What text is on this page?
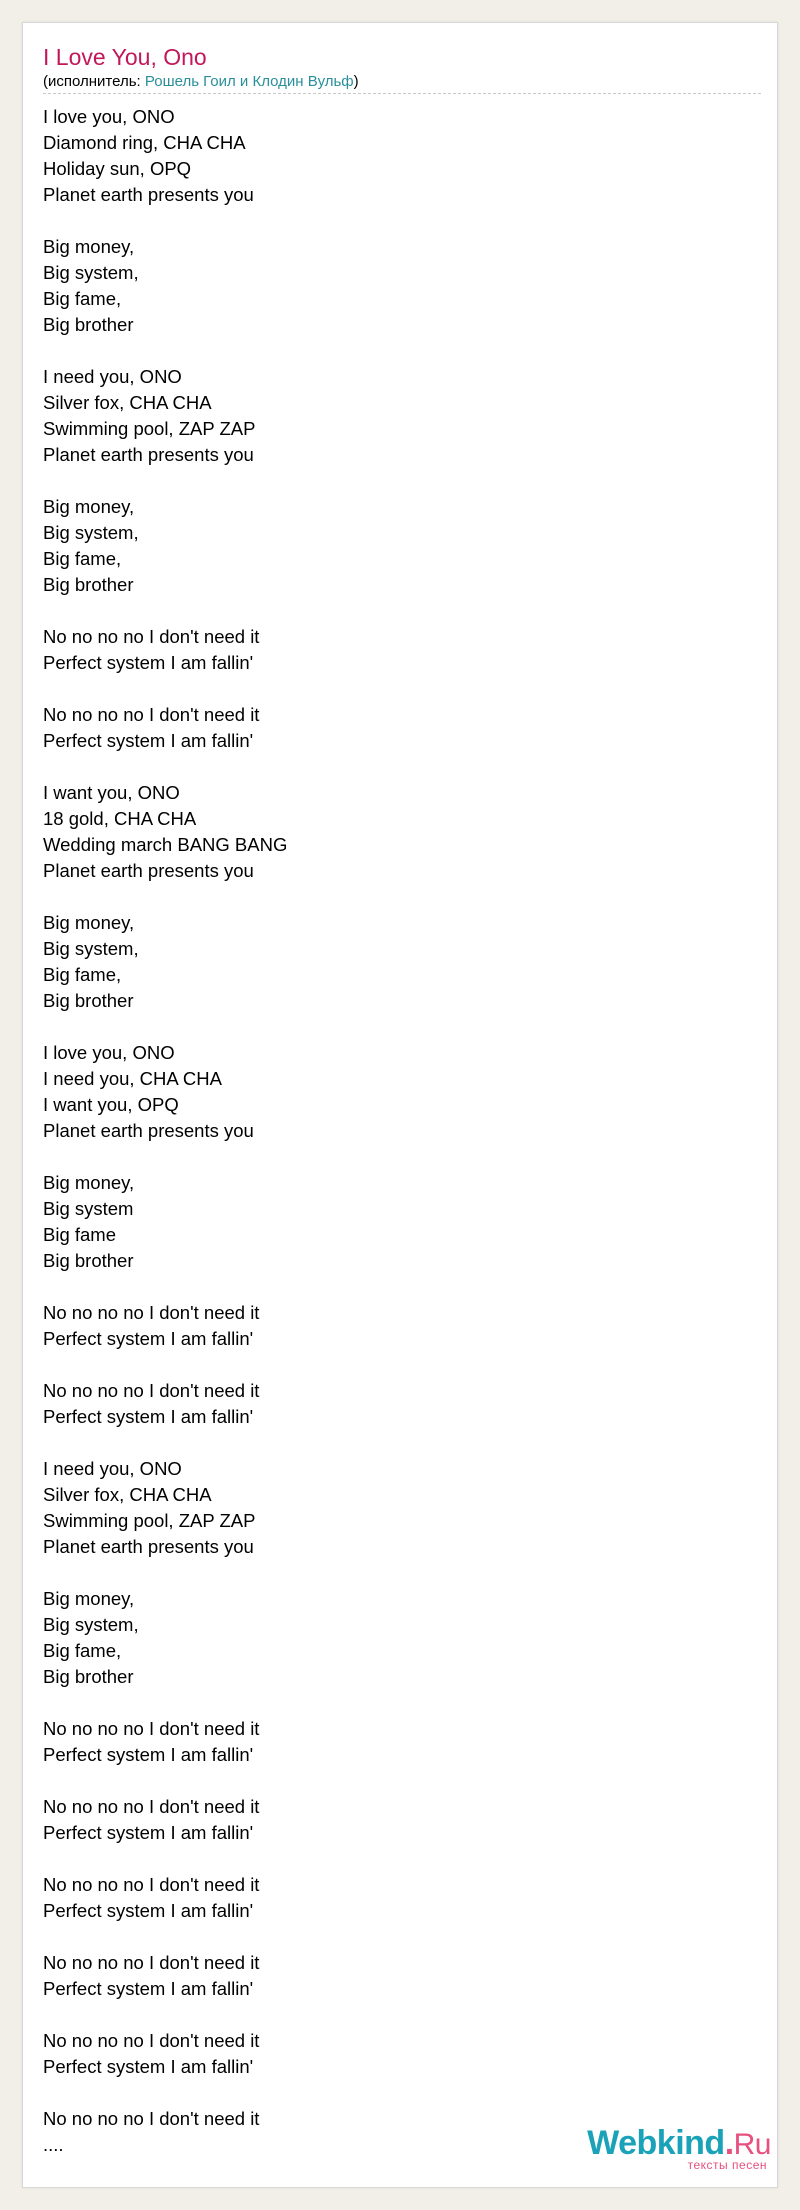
I Love You, Ono
(исполнитель: Рошель Гоил и Клодин Вульф)
I love you, ONO
Diamond ring, CHA CHA
Holiday sun, OPQ
Planet earth presents you
Big money,
Big system,
Big fame,
Big brother
I need you, ONO
Silver fox, CHA CHA
Swimming pool, ZAP ZAP
Planet earth presents you
Big money,
Big system,
Big fame,
Big brother
No no no no I don't need it
Perfect system I am fallin'
No no no no I don't need it
Perfect system I am fallin'
I want you, ONO
18 gold, CHA CHA
Wedding march BANG BANG
Planet earth presents you
Big money,
Big system,
Big fame,
Big brother
I love you, ONO
I need you, CHA CHA
I want you, OPQ
Planet earth presents you
Big money,
Big system
Big fame
Big brother
No no no no I don't need it
Perfect system I am fallin'
No no no no I don't need it
Perfect system I am fallin'
I need you, ONO
Silver fox, CHA CHA
Swimming pool, ZAP ZAP
Planet earth presents you
Big money,
Big system,
Big fame,
Big brother
No no no no I don't need it
Perfect system I am fallin'
No no no no I don't need it
Perfect system I am fallin'
No no no no I don't need it
Perfect system I am fallin'
No no no no I don't need it
Perfect system I am fallin'
No no no no I don't need it
Perfect system I am fallin'
No no no no I don't need it
....	Webkind.Ru
тексты песен
